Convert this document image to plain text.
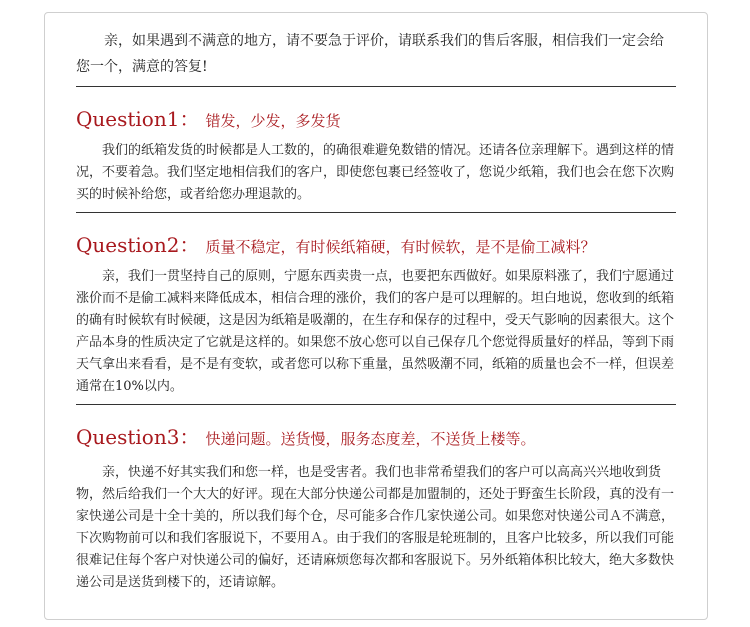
亲，如果遇到不满意的地方，请不要急于评价，请联系我们的售后客服，相信我们一定会给您一个，满意的答复!

Question1： 错发，少发，多发货

我们的纸箱发货的时候都是人工数的，的确很难避免数错的情况。还请各位亲理解下。遇到这样的情况，不要着急。我们坚定地相信我们的客户，即使您包裹已经签收了，您说少纸箱，我们也会在您下次购买的时候补给您，或者给您办理退款的。

Question2： 质量不稳定，有时候纸箱硬，有时候软，是不是偷工减料？

亲，我们一贯坚持自己的原则，宁愿东西卖贵一点，也要把东西做好。如果原料涨了，我们宁愿通过涨价而不是偷工减料来降低成本，相信合理的涨价，我们的客户是可以理解的。坦白地说，您收到的纸箱的确有时候软有时候硬，这是因为纸箱是吸潮的，在生存和保存的过程中，受天气影响的因素很大。这个产品本身的性质决定了它就是这样的。如果您不放心您可以自己保存几个您觉得质量好的样品，等到下雨天气拿出来看看，是不是有变软，或者您可以称下重量，虽然吸潮不同，纸箱的质量也会不一样，但误差通常在10%以内。

Question3： 快递问题。送货慢，服务态度差，不送货上楼等。

亲，快递不好其实我们和您一样，也是受害者。我们也非常希望我们的客户可以高高兴兴地收到货物，然后给我们一个大大的好评。现在大部分快递公司都是加盟制的，还处于野蛮生长阶段，真的没有一家快递公司是十全十美的，所以我们每个仓，尽可能多合作几家快递公司。如果您对快递公司Ａ不满意，下次购物前可以和我们客服说下，不要用Ａ。由于我们的客服是轮班制的，且客户比较多，所以我们可能很难记住每个客户对快递公司的偏好，还请麻烦您每次都和客服说下。另外纸箱体积比较大，绝大多数快递公司是送货到楼下的，还请谅解。
